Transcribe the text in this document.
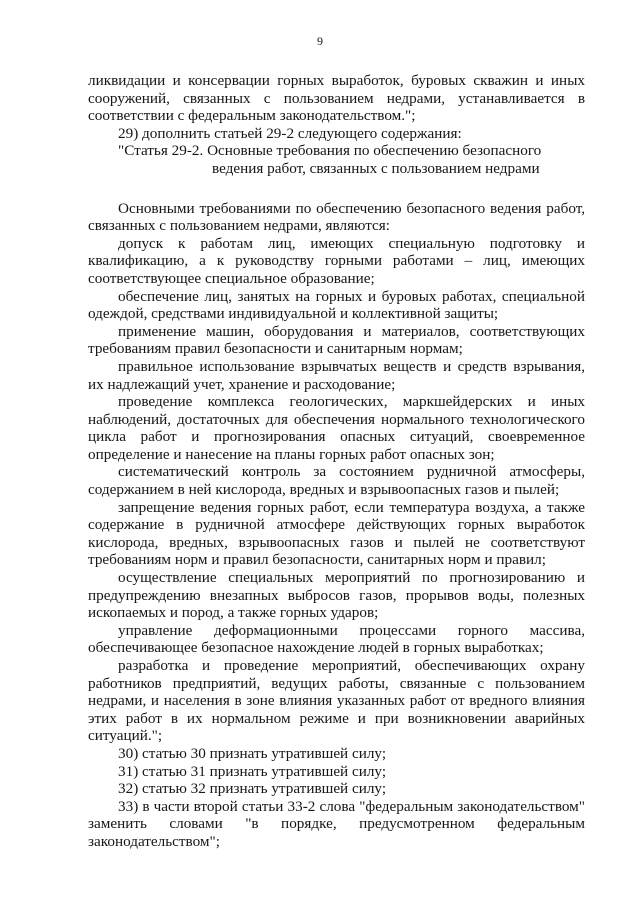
9

ликвидации и консервации горных выработок, буровых скважин и иных сооружений, связанных с пользованием недрами, устанавливается в соответствии с федеральным законодательством.";

29) дополнить статьей 29-2 следующего содержания:

"Статья 29-2. Основные требования по обеспечению безопасного
ведения работ, связанных с пользованием недрами

Основными требованиями по обеспечению безопасного ведения работ, связанных с пользованием недрами, являются:

допуск к работам лиц, имеющих специальную подготовку и квалификацию, а к руководству горными работами – лиц, имеющих соответствующее специальное образование;

обеспечение лиц, занятых на горных и буровых работах, специальной одеждой, средствами индивидуальной и коллективной защиты;

применение машин, оборудования и материалов, соответствующих требованиям правил безопасности и санитарным нормам;

правильное использование взрывчатых веществ и средств взрывания, их надлежащий учет, хранение и расходование;

проведение комплекса геологических, маркшейдерских и иных наблюдений, достаточных для обеспечения нормального технологического цикла работ и прогнозирования опасных ситуаций, своевременное определение и нанесение на планы горных работ опасных зон;

систематический контроль за состоянием рудничной атмосферы, содержанием в ней кислорода, вредных и взрывоопасных газов и пылей;

запрещение ведения горных работ, если температура воздуха, а также содержание в рудничной атмосфере действующих горных выработок кислорода, вредных, взрывоопасных газов и пылей не соответствуют требованиям норм и правил безопасности, санитарных норм и правил;

осуществление специальных мероприятий по прогнозированию и предупреждению внезапных выбросов газов, прорывов воды, полезных ископаемых и пород, а также горных ударов;

управление деформационными процессами горного массива, обеспечивающее безопасное нахождение людей в горных выработках;

разработка и проведение мероприятий, обеспечивающих охрану работников предприятий, ведущих работы, связанные с пользованием недрами, и населения в зоне влияния указанных работ от вредного влияния этих работ в их нормальном режиме и при возникновении аварийных ситуаций.";

30) статью 30 признать утратившей силу;

31) статью 31 признать утратившей силу;

32) статью 32 признать утратившей силу;

33) в части второй статьи 33-2 слова "федеральным законодательством" заменить словами "в порядке, предусмотренном федеральным законодательством";
